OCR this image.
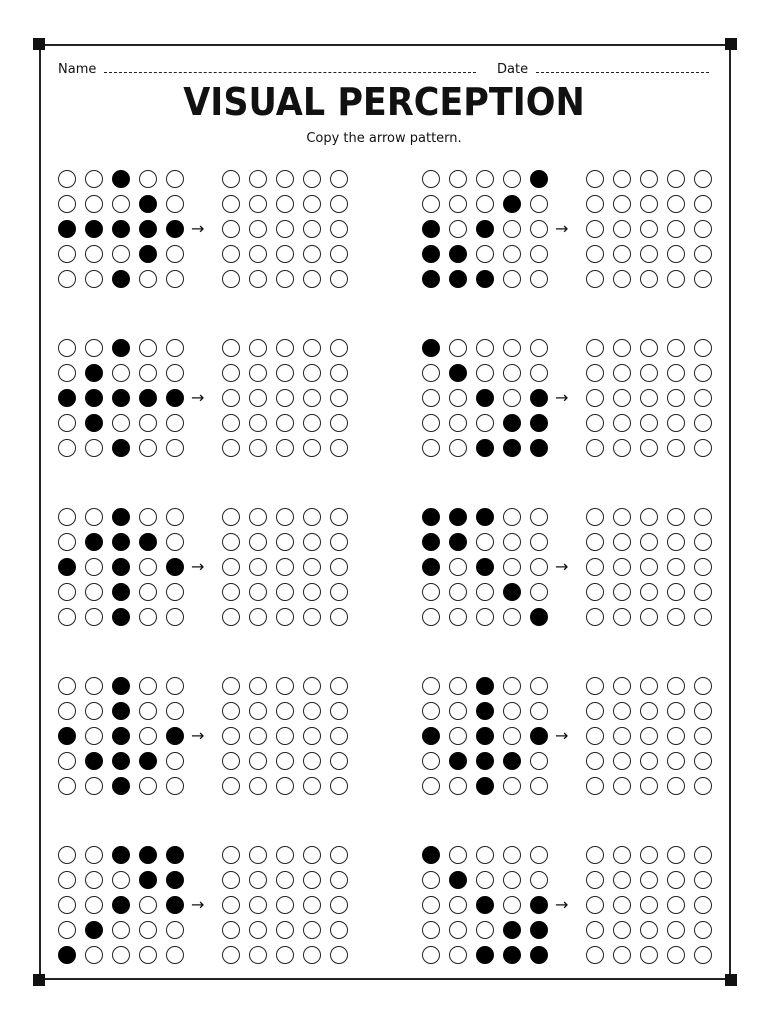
Name	Date
VISUAL PERCEPTION
Copy the arrow pattern.
→	→
→	→
→	→
→	→
→	→
